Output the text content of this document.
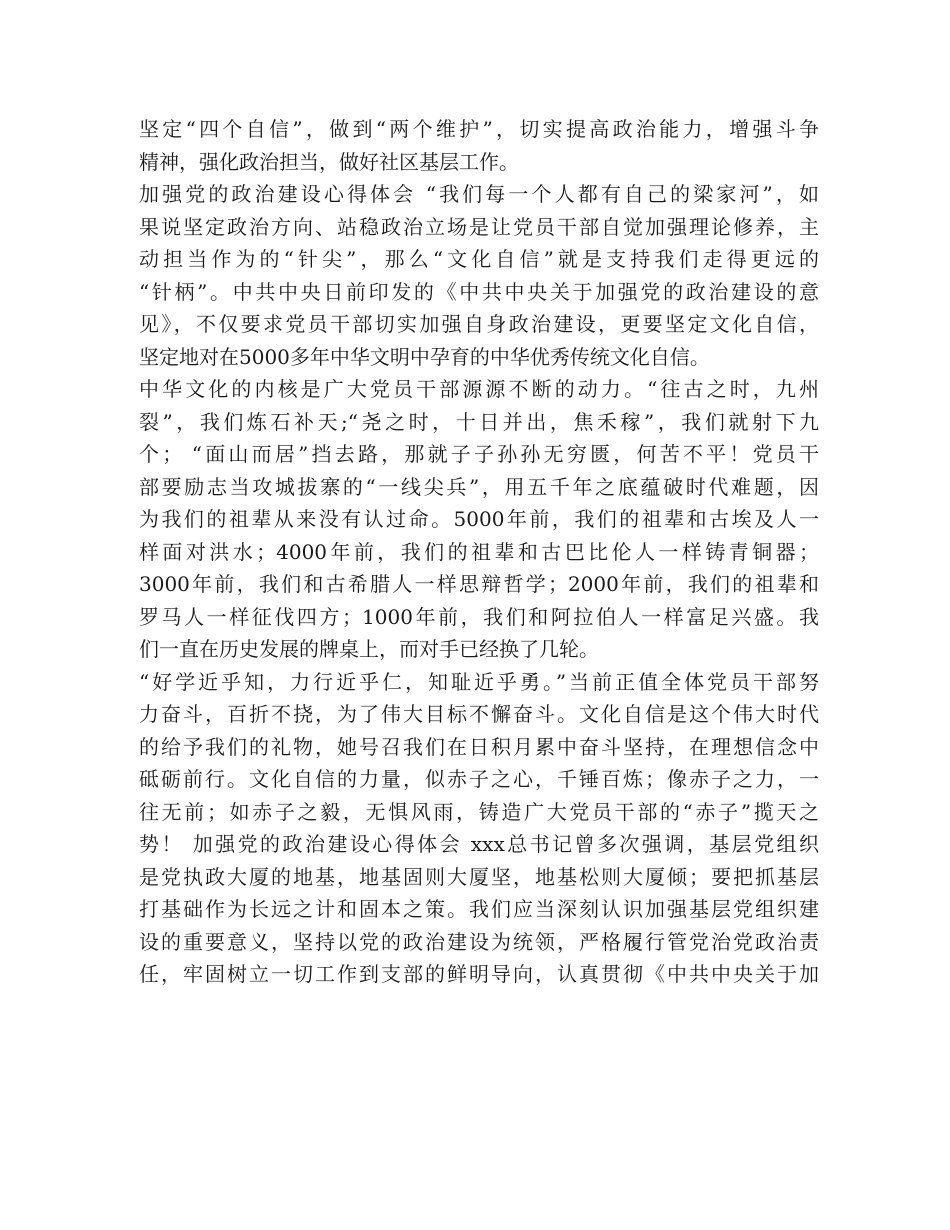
坚定“四个自信”，做到“两个维护”，切实提高政治能力，增强斗争
精神，强化政治担当，做好社区基层工作。
加强党的政治建设心得体会 “我们每一个人都有自己的梁家河”，如
果说坚定政治方向、站稳政治立场是让党员干部自觉加强理论修养，主
动担当作为的“针尖”，那么“文化自信”就是支持我们走得更远的
“针柄”。中共中央日前印发的《中共中央关于加强党的政治建设的意
见》，不仅要求党员干部切实加强自身政治建设，更要坚定文化自信，
坚定地对在5000多年中华文明中孕育的中华优秀传统文化自信。
中华文化的内核是广大党员干部源源不断的动力。“往古之时，九州
裂”，我们炼石补天;“尧之时，十日并出，焦禾稼”，我们就射下九
个； “面山而居”挡去路，那就子子孙孙无穷匮，何苦不平！党员干
部要励志当攻城拔寨的“一线尖兵”，用五千年之底蕴破时代难题，因
为我们的祖辈从来没有认过命。5000年前，我们的祖辈和古埃及人一
样面对洪水；4000年前，我们的祖辈和古巴比伦人一样铸青铜器；
3000年前，我们和古希腊人一样思辩哲学；2000年前，我们的祖辈和
罗马人一样征伐四方；1000年前，我们和阿拉伯人一样富足兴盛。我
们一直在历史发展的牌桌上，而对手已经换了几轮。
“好学近乎知，力行近乎仁，知耻近乎勇。”当前正值全体党员干部努
力奋斗，百折不挠，为了伟大目标不懈奋斗。文化自信是这个伟大时代
的给予我们的礼物，她号召我们在日积月累中奋斗坚持，在理想信念中
砥砺前行。文化自信的力量，似赤子之心，千锤百炼；像赤子之力，一
往无前；如赤子之毅，无惧风雨，铸造广大党员干部的“赤子”揽天之
势！ 加强党的政治建设心得体会 xxx总书记曾多次强调，基层党组织
是党执政大厦的地基，地基固则大厦坚，地基松则大厦倾；要把抓基层
打基础作为长远之计和固本之策。我们应当深刻认识加强基层党组织建
设的重要意义，坚持以党的政治建设为统领，严格履行管党治党政治责
任，牢固树立一切工作到支部的鲜明导向，认真贯彻《中共中央关于加
